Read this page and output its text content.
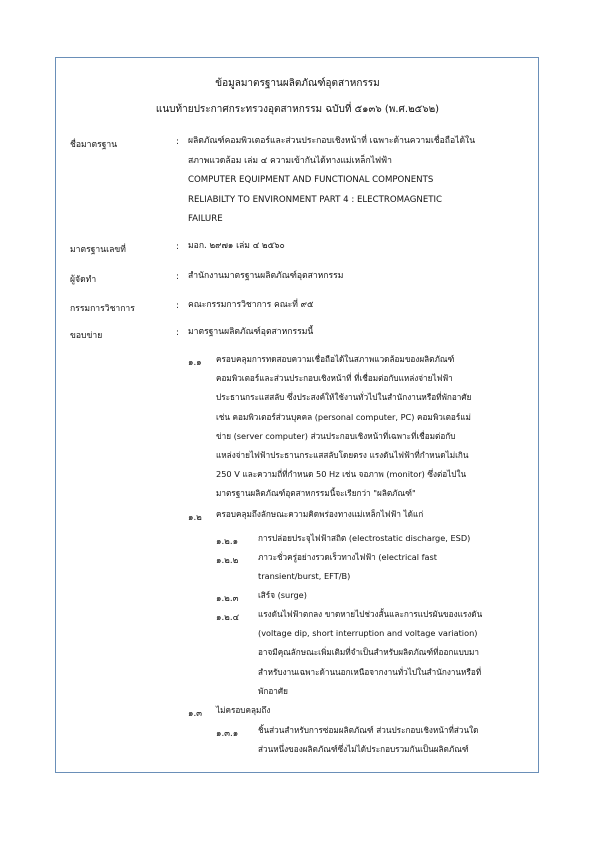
ข้อมูลมาตรฐานผลิตภัณฑ์อุตสาหกรรม
แนบท้ายประกาศกระทรวงอุตสาหกรรม ฉบับที่ ๕๑๓๖ (พ.ศ.๒๕๖๒)
ชื่อมาตรฐาน	: ผลิตภัณฑ์คอมพิวเตอร์และส่วนประกอบเชิงหน้าที่ เฉพาะด้านความเชื่อถือได้ใน
สภาพแวดล้อม เล่ม ๔ ความเข้ากันได้ทางแม่เหล็กไฟฟ้า
COMPUTER EQUIPMENT AND FUNCTIONAL COMPONENTS
RELIABILTY TO ENVIRONMENT PART 4 : ELECTROMAGNETIC
FAILURE
มาตรฐานเลขที่	: มอก. ๒๙๗๑ เล่ม ๔ ๒๕๖๐
ผู้จัดทำ	: สำนักงานมาตรฐานผลิตภัณฑ์อุตสาหกรรม
กรรมการวิชาการ	: คณะกรรมการวิชาการ คณะที่ ๙๕
ขอบข่าย	: มาตรฐานผลิตภัณฑ์อุตสาหกรรมนี้
๑.๑ ครอบคลุมการทดสอบความเชื่อถือได้ในสภาพแวดล้อมของผลิตภัณฑ์
คอมพิวเตอร์และส่วนประกอบเชิงหน้าที่ ที่เชื่อมต่อกับแหล่งจ่ายไฟฟ้า
ประธานกระแสสลับ ซึ่งประสงค์ให้ใช้งานทั่วไปในสำนักงานหรือที่พักอาศัย
เช่น คอมพิวเตอร์ส่วนบุคคล (personal computer, PC) คอมพิวเตอร์แม่
ข่าย (server computer) ส่วนประกอบเชิงหน้าที่เฉพาะที่เชื่อมต่อกับ
แหล่งจ่ายไฟฟ้าประธานกระแสสลับโดยตรง แรงดันไฟฟ้าที่กำหนดไม่เกิน
250 V และความถี่ที่กำหนด 50 Hz เช่น จอภาพ (monitor) ซึ่งต่อไปใน
มาตรฐานผลิตภัณฑ์อุตสาหกรรมนี้จะเรียกว่า "ผลิตภัณฑ์"
๑.๒ ครอบคลุมถึงลักษณะความคิดพร่องทางแม่เหล็กไฟฟ้า ได้แก่
๑.๒.๑ การปล่อยประจุไฟฟ้าสถิต (electrostatic discharge, ESD)
๑.๒.๒ ภาวะชั่วครู่อย่างรวดเร็วทางไฟฟ้า (electrical fast
transient/burst, EFT/B)
๑.๒.๓ เสิร์จ (surge)
๑.๒.๔ แรงดันไฟฟ้าตกลง ขาดหายไปช่วงสั้นและการแปรผันของแรงดัน
(voltage dip, short interruption and voltage variation)
อาจมีคุณลักษณะเพิ่มเติมที่จำเป็นสำหรับผลิตภัณฑ์ที่ออกแบบมา
สำหรับงานเฉพาะด้านนอกเหนือจากงานทั่วไปในสำนักงานหรือที่
พักอาศัย
๑.๓ ไม่ครอบคลุมถึง
๑.๓.๑ ชิ้นส่วนสำหรับการซ่อมผลิตภัณฑ์ ส่วนประกอบเชิงหน้าที่ส่วนใด
ส่วนหนึ่งของผลิตภัณฑ์ซึ่งไม่ได้ประกอบรวมกันเป็นผลิตภัณฑ์
